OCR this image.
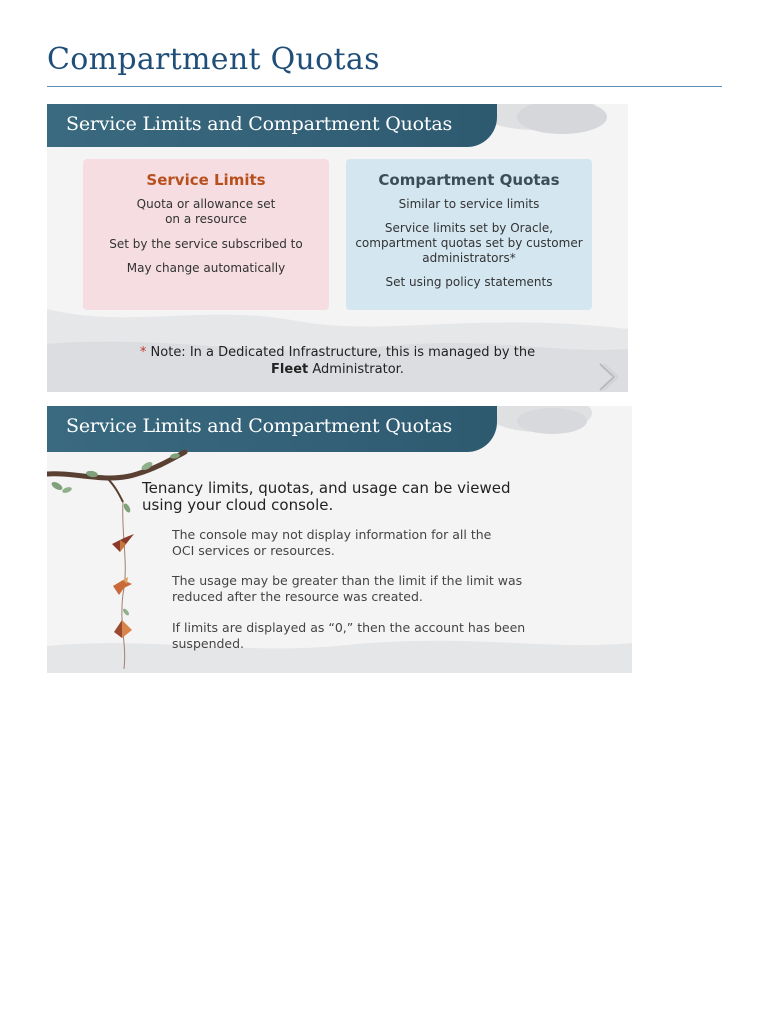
Compartment Quotas
Service Limits and Compartment Quotas
Service Limits

Quota or allowance set on a resource

Set by the service subscribed to

May change automatically

Compartment Quotas

Similar to service limits

Service limits set by Oracle, compartment quotas set by customer administrators*

Set using policy statements

* Note: In a Dedicated Infrastructure, this is managed by the
Fleet Administrator.
Service Limits and Compartment Quotas

Tenancy limits, quotas, and usage can be viewed using your cloud console.

The console may not display information for all the OCI services or resources.

The usage may be greater than the limit if the limit was reduced after the resource was created.

If limits are displayed as “0,” then the account has been suspended.
